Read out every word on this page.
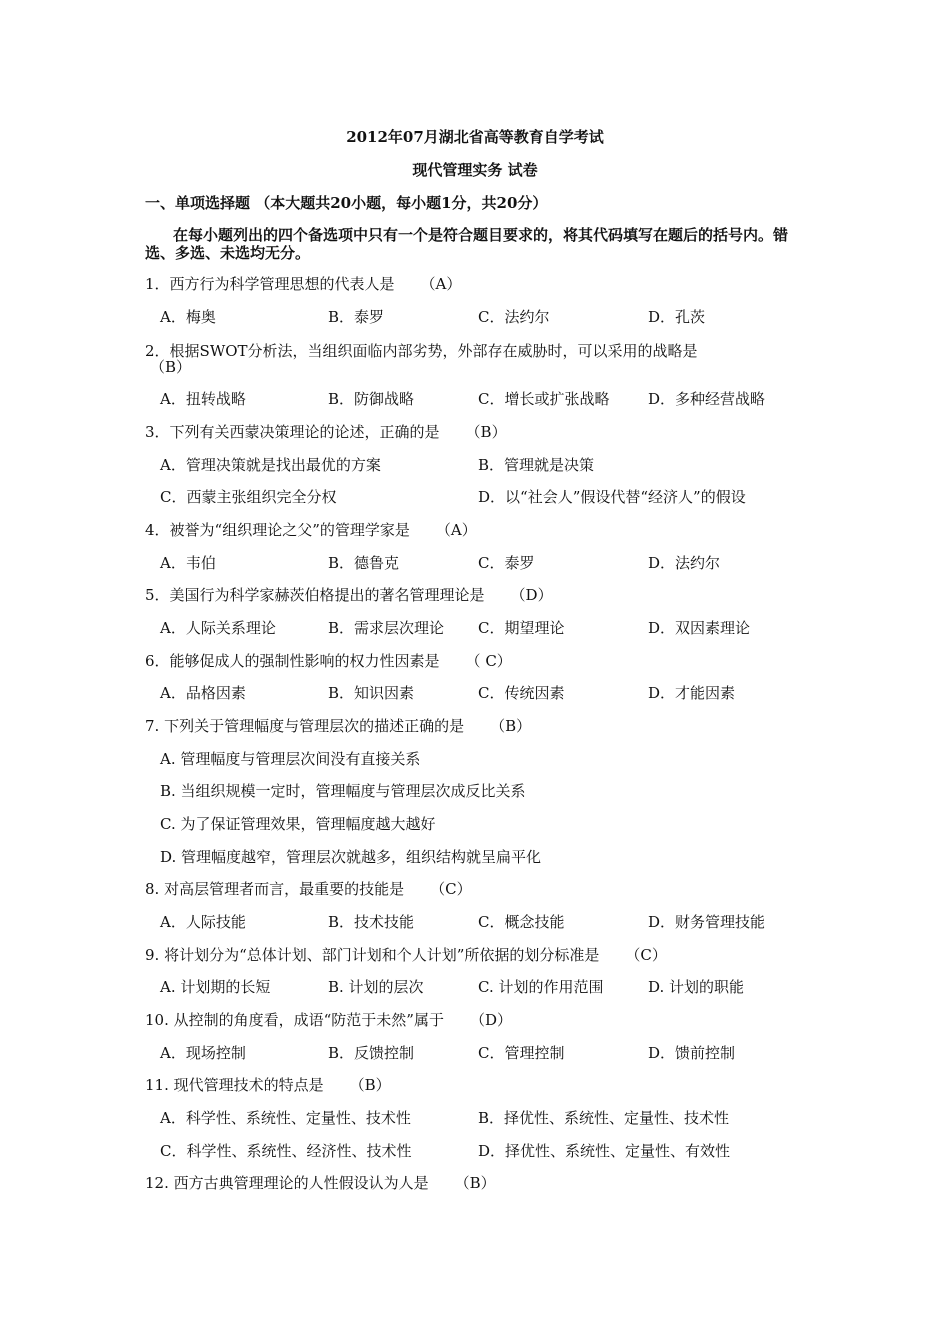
2012年07月湖北省高等教育自学考试
现代管理实务 试卷
一、单项选择题 （本大题共20小题，每小题1分，共20分）
在每小题列出的四个备选项中只有一个是符合题目要求的，将其代码填写在题后的括号内。错选、多选、未选均无分。
1．西方行为科学管理思想的代表人是 （A）
A．梅奥	B．泰罗	C．法约尔	D．孔茨
2．根据SWOT分析法，当组织面临内部劣势，外部存在威胁时，可以采用的战略是
（B）
A．扭转战略	B．防御战略	C．增长或扩张战略	D．多种经营战略
3．下列有关西蒙决策理论的论述，正确的是 （B）
A．管理决策就是找出最优的方案	B．管理就是决策
C．西蒙主张组织完全分权	D．以“社会人”假设代替“经济人”的假设
4．被誉为“组织理论之父”的管理学家是 （A）
A．韦伯	B．德鲁克	C．泰罗	D．法约尔
5．美国行为科学家赫茨伯格提出的著名管理理论是 （D）
A．人际关系理论	B．需求层次理论 C．期望理论	D．双因素理论
6．能够促成人的强制性影响的权力性因素是 （ C）
A．品格因素	B．知识因素	C．传统因素	D．才能因素
7. 下列关于管理幅度与管理层次的描述正确的是 （B）
A. 管理幅度与管理层次间没有直接关系
B. 当组织规模一定时，管理幅度与管理层次成反比关系
C. 为了保证管理效果，管理幅度越大越好
D. 管理幅度越窄，管理层次就越多，组织结构就呈扁平化
8. 对高层管理者而言，最重要的技能是 （C）
A．人际技能	B．技术技能	C．概念技能	D．财务管理技能
9. 将计划分为“总体计划、部门计划和个人计划”所依据的划分标准是 （C）
A. 计划期的长短	B. 计划的层次	C. 计划的作用范围	D. 计划的职能
10. 从控制的角度看，成语“防范于未然”属于 （D）
A．现场控制	B．反馈控制	C．管理控制	D．馈前控制
11. 现代管理技术的特点是 （B）
A．科学性、系统性、定量性、技术性	B．择优性、系统性、定量性、技术性
C．科学性、系统性、经济性、技术性	D．择优性、系统性、定量性、有效性
12. 西方古典管理理论的人性假设认为人是 （B）
